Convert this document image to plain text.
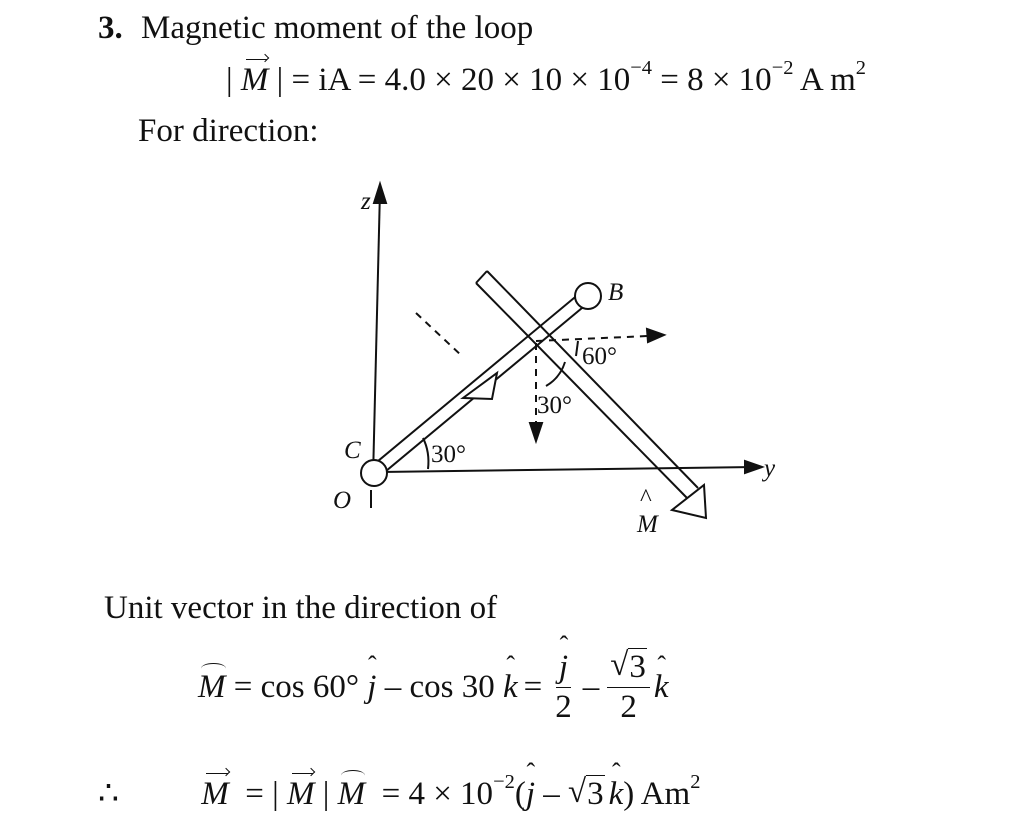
3. Magnetic moment of the loop
| M | = iA = $4.0 \times 20 \times 10 \times 10^{-4} = 8 \times 10^{-2}$ A $m^2$
For direction:
z
y
B
C
O
M
^
30°
60°
30°
Unit vector in the direction of
M = cos 60° ˆ j – cos 30 ˆ k = ˆ $\frac{j}{2} - \frac{√ 3}{2}$ ˆ k
∴ M  = | M | $M = 4 \times 10^{-2}(ˆ$ j – √ 3 ˆ k) Am$^2$
